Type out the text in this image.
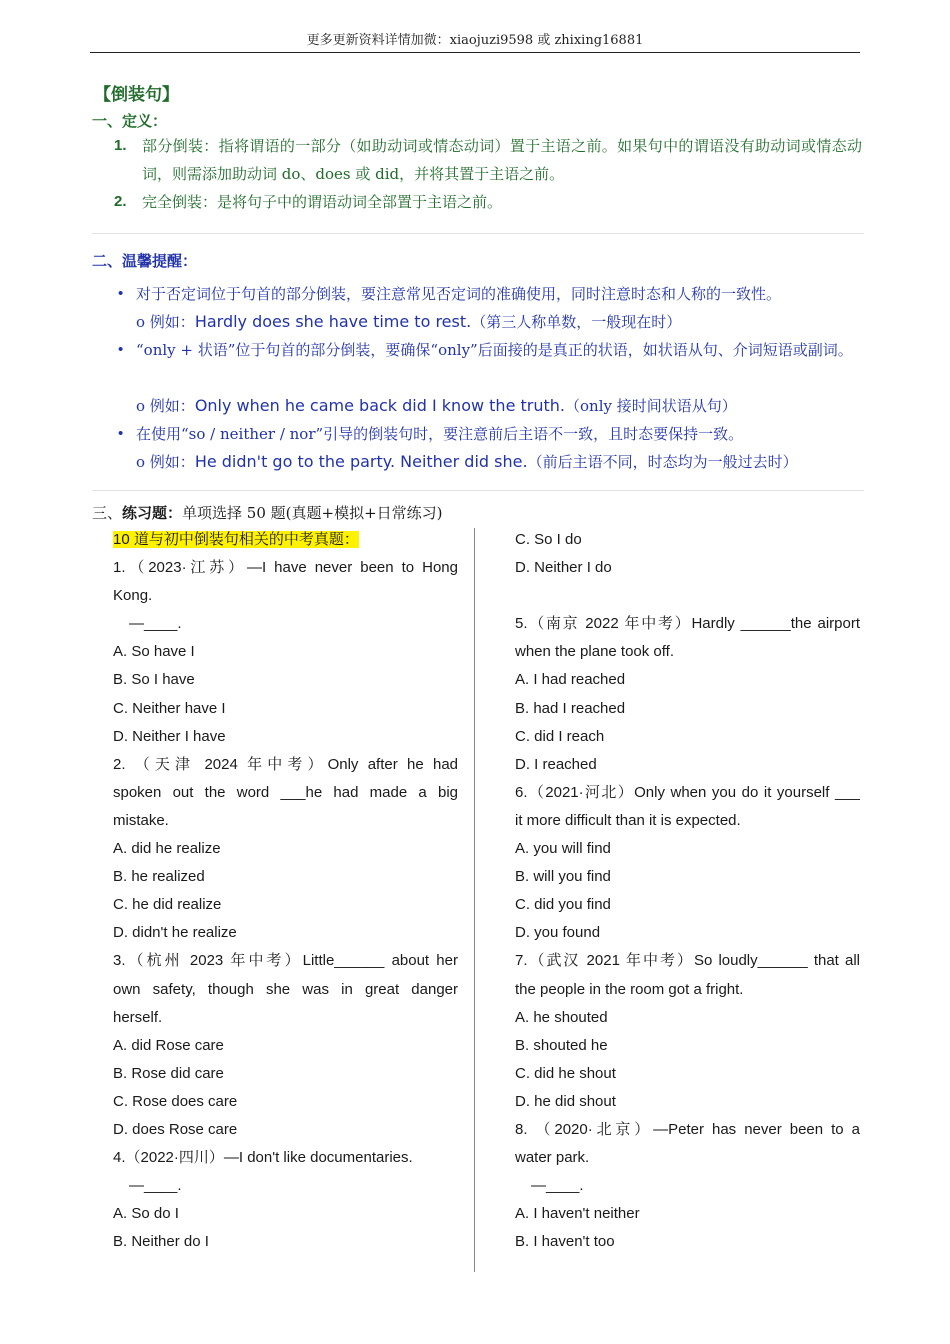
更多更新资料详情加微：xiaojuzi9598 或 zhixing16881
【倒装句】
一、定义：
1. 部分倒装：指将谓语的一部分（如助动词或情态动词）置于主语之前。如果句中的谓语没有助动词或情态动词，则需添加助动词 do、does 或 did，并将其置于主语之前。
2. 完全倒装：是将句子中的谓语动词全部置于主语之前。
二、温馨提醒：
• 对于否定词位于句首的部分倒装，要注意常见否定词的准确使用，同时注意时态和人称的一致性。
o 例如：Hardly does she have time to rest.（第三人称单数，一般现在时）
• “only + 状语”位于句首的部分倒装，要确保“only”后面接的是真正的状语，如状语从句、介词短语或副词。
o 例如：Only when he came back did I know the truth.（only 接时间状语从句）
• 在使用“so / neither / nor”引导的倒装句时，要注意前后主语不一致，且时态要保持一致。
o 例如：He didn't go to the party. Neither did she.（前后主语不同，时态均为一般过去时）
三、练习题：单项选择 50 题(真题+模拟+日常练习)
10 道与初中倒装句相关的中考真题：
1.（2023·江苏）—I have never been to Hong
Kong.
—____.
A. So have I
B. So I have
C. Neither have I
D. Neither I have
2. （天津 2024 年中考）Only after he had
spoken out the word ___he had made a big
mistake.
A. did he realize
B. he realized
C. he did realize
D. didn't he realize
3.（杭州 2023 年中考）Little______ about her
own safety, though she was in great danger
herself.
A. did Rose care
B. Rose did care
C. Rose does care
D. does Rose care
4.（2022·四川）—I don't like documentaries.
—____.
A. So do I
B. Neither do I
C. So I do
D. Neither I do
5.（南京 2022 年中考）Hardly ______the airport
when the plane took off.
A. I had reached
B. had I reached
C. did I reach
D. I reached
6.（2021·河北）Only when you do it yourself ___
it more difficult than it is expected.
A. you will find
B. will you find
C. did you find
D. you found
7.（武汉 2021 年中考）So loudly______ that all
the people in the room got a fright.
A. he shouted
B. shouted he
C. did he shout
D. he did shout
8. （2020·北京）—Peter has never been to a
water park.
—____.
A. I haven't neither
B. I haven't too
